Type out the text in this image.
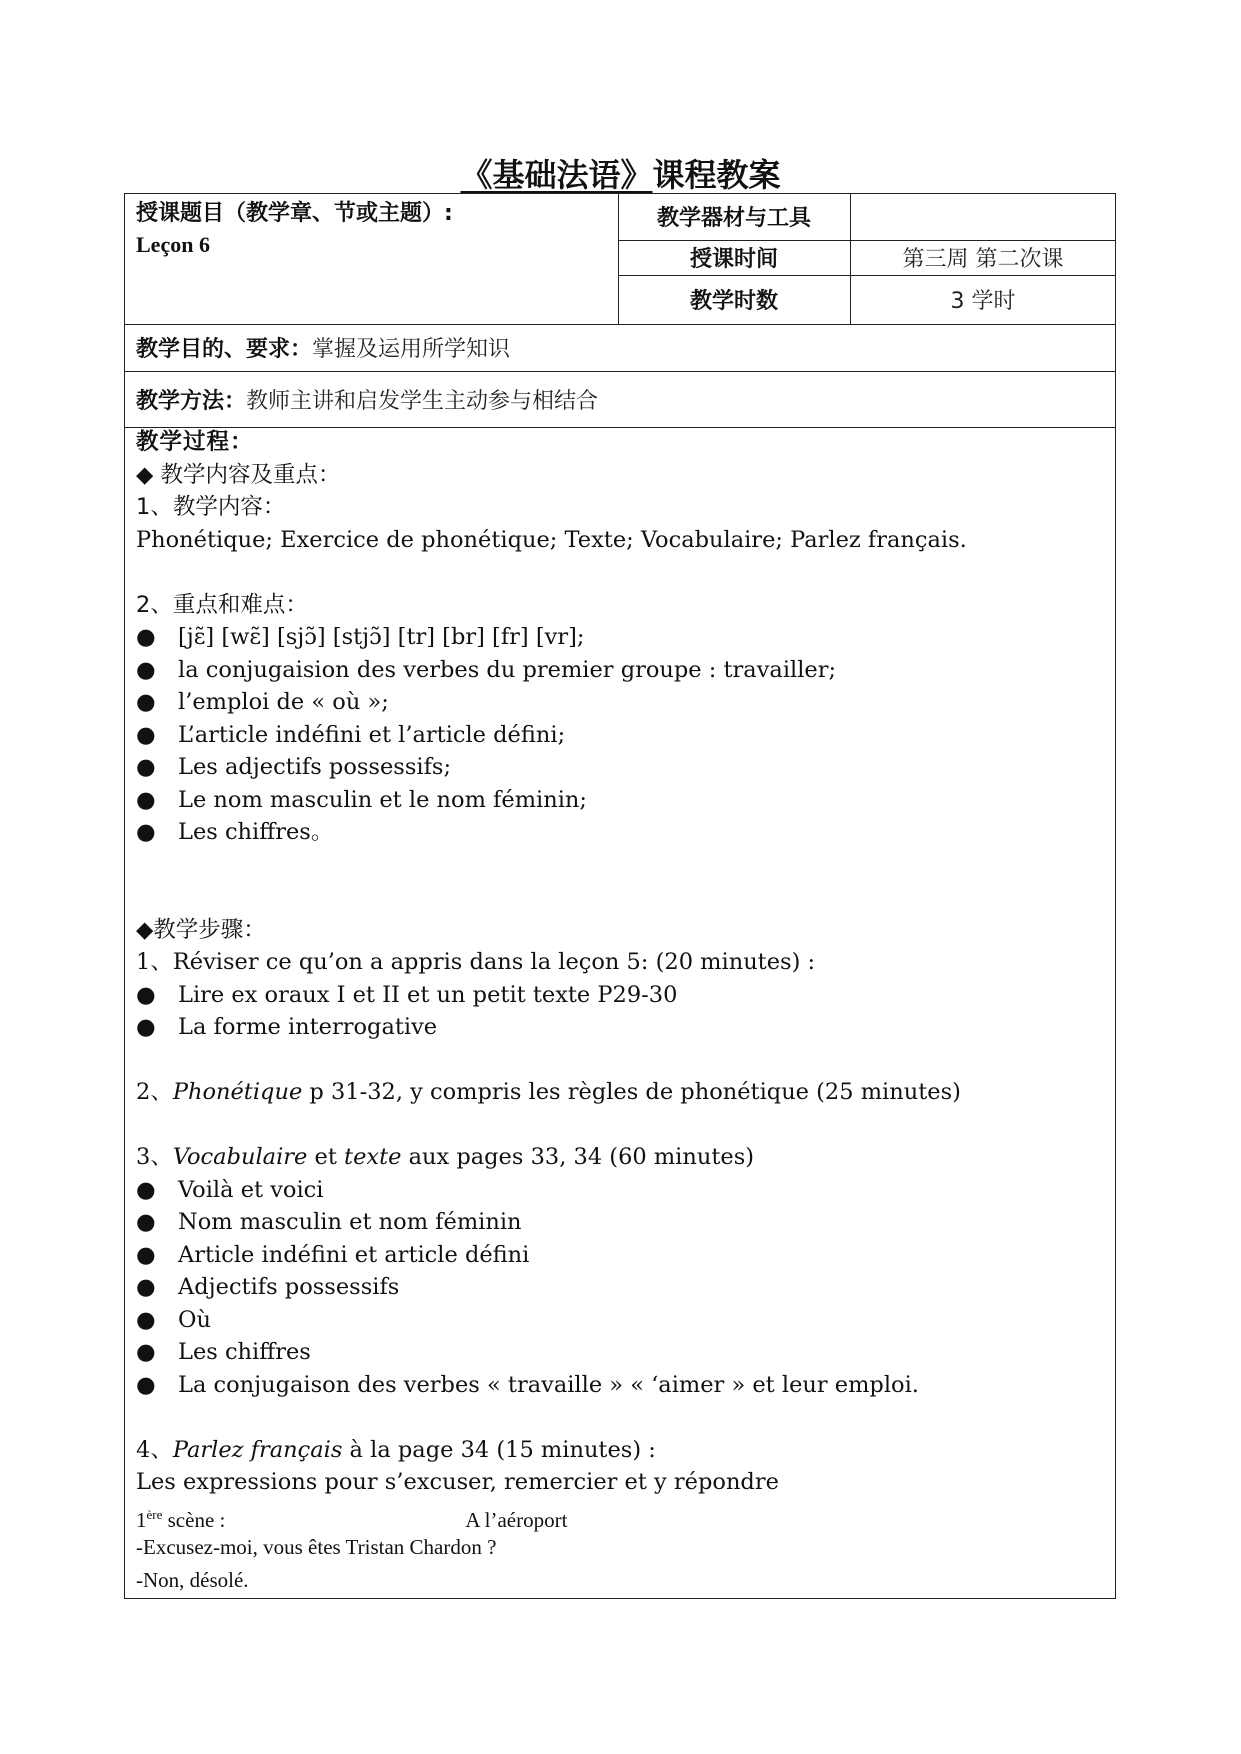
《基础法语》课程教案
授课题目（教学章、节或主题）:
Leçon 6
教学器材与工具
授课时间	第三周 第二次课
教学时数	3 学时
教学目的、要求： 掌握及运用所学知识
教学方法： 教师主讲和启发学生主动参与相结合
教学过程：
◆ 教学内容及重点：
1、教学内容：
Phonétique; Exercice de phonétique; Texte; Vocabulaire; Parlez français.
2、重点和难点：
● [jɛ̃] [wɛ̃] [sjɔ̃] [stjɔ̃] [tr] [br] [fr] [vr];
● la conjugaision des verbes du premier groupe : travailler;
● l’emploi de « où »;
● L’article indéfini et l’article défini;
● Les adjectifs possessifs;
● Le nom masculin et le nom féminin;
● Les chiffres。
◆教学步骤：
1、Réviser ce qu’on a appris dans la leçon 5: (20 minutes) :
● Lire ex oraux I et II et un petit texte P29-30
● La forme interrogative
2、Phonétique p 31-32, y compris les règles de phonétique (25 minutes)
3、Vocabulaire et texte aux pages 33, 34 (60 minutes)
● Voilà et voici
● Nom masculin et nom féminin
● Article indéfini et article défini
● Adjectifs possessifs
● Où
● Les chiffres
● La conjugaison des verbes « travaille » « ‘aimer » et leur emploi.
4、Parlez français à la page 34 (15 minutes) :
Les expressions pour s’excuser, remercier et y répondre
1ère scène :	A l’aéroport
-Excusez-moi, vous êtes Tristan Chardon ?
-Non, désolé.
